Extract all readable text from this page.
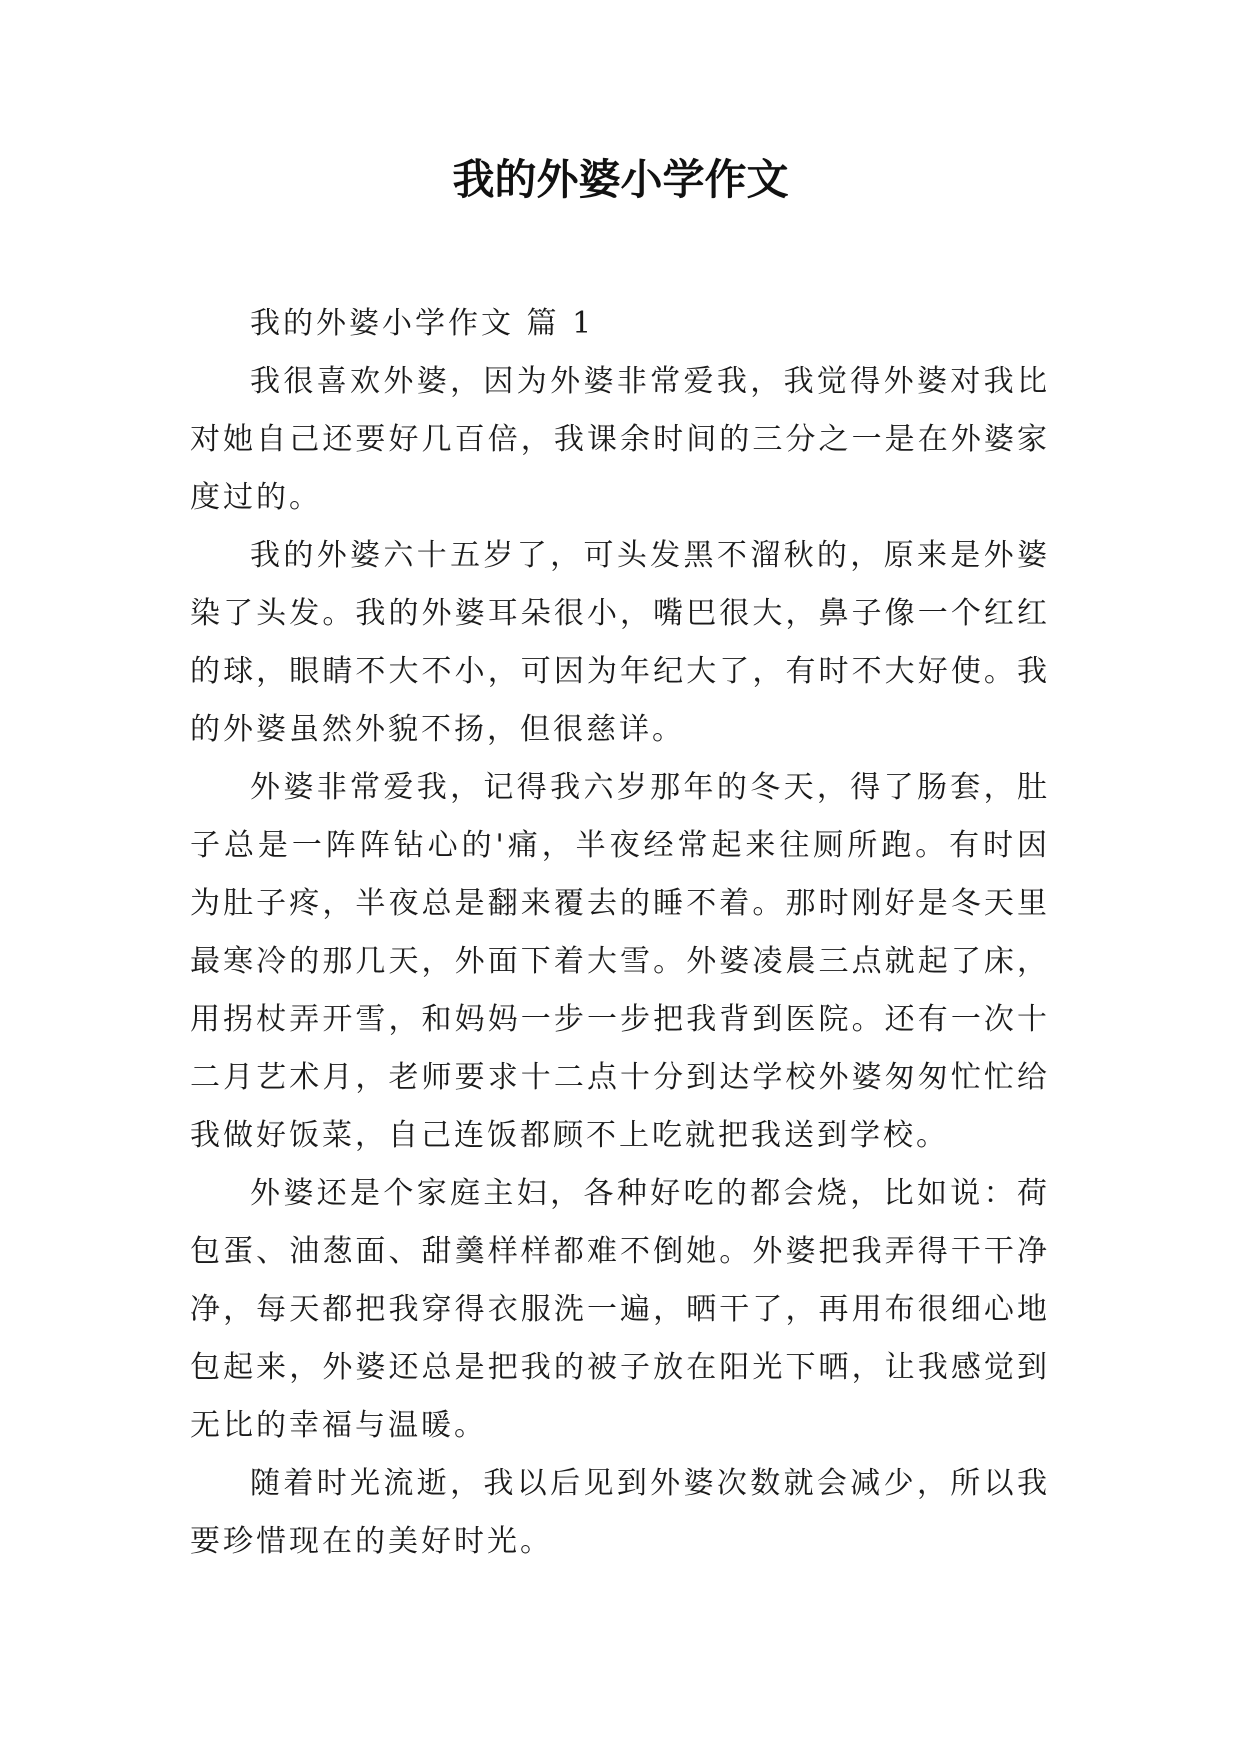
我的外婆小学作文

我的外婆小学作文 篇 1

我很喜欢外婆，因为外婆非常爱我，我觉得外婆对我比对她自己还要好几百倍，我课余时间的三分之一是在外婆家度过的。

我的外婆六十五岁了，可头发黑不溜秋的，原来是外婆染了头发。我的外婆耳朵很小，嘴巴很大，鼻子像一个红红的球，眼睛不大不小，可因为年纪大了，有时不大好使。我的外婆虽然外貌不扬，但很慈详。

外婆非常爱我，记得我六岁那年的冬天，得了肠套，肚子总是一阵阵钻心的'痛，半夜经常起来往厕所跑。有时因为肚子疼，半夜总是翻来覆去的睡不着。那时刚好是冬天里最寒冷的那几天，外面下着大雪。外婆凌晨三点就起了床，用拐杖弄开雪，和妈妈一步一步把我背到医院。还有一次十二月艺术月，老师要求十二点十分到达学校外婆匆匆忙忙给我做好饭菜，自己连饭都顾不上吃就把我送到学校。

外婆还是个家庭主妇，各种好吃的都会烧，比如说：荷包蛋、油葱面、甜羹样样都难不倒她。外婆把我弄得干干净净，每天都把我穿得衣服洗一遍，晒干了，再用布很细心地包起来，外婆还总是把我的被子放在阳光下晒，让我感觉到无比的幸福与温暖。

随着时光流逝，我以后见到外婆次数就会减少，所以我要珍惜现在的美好时光。
